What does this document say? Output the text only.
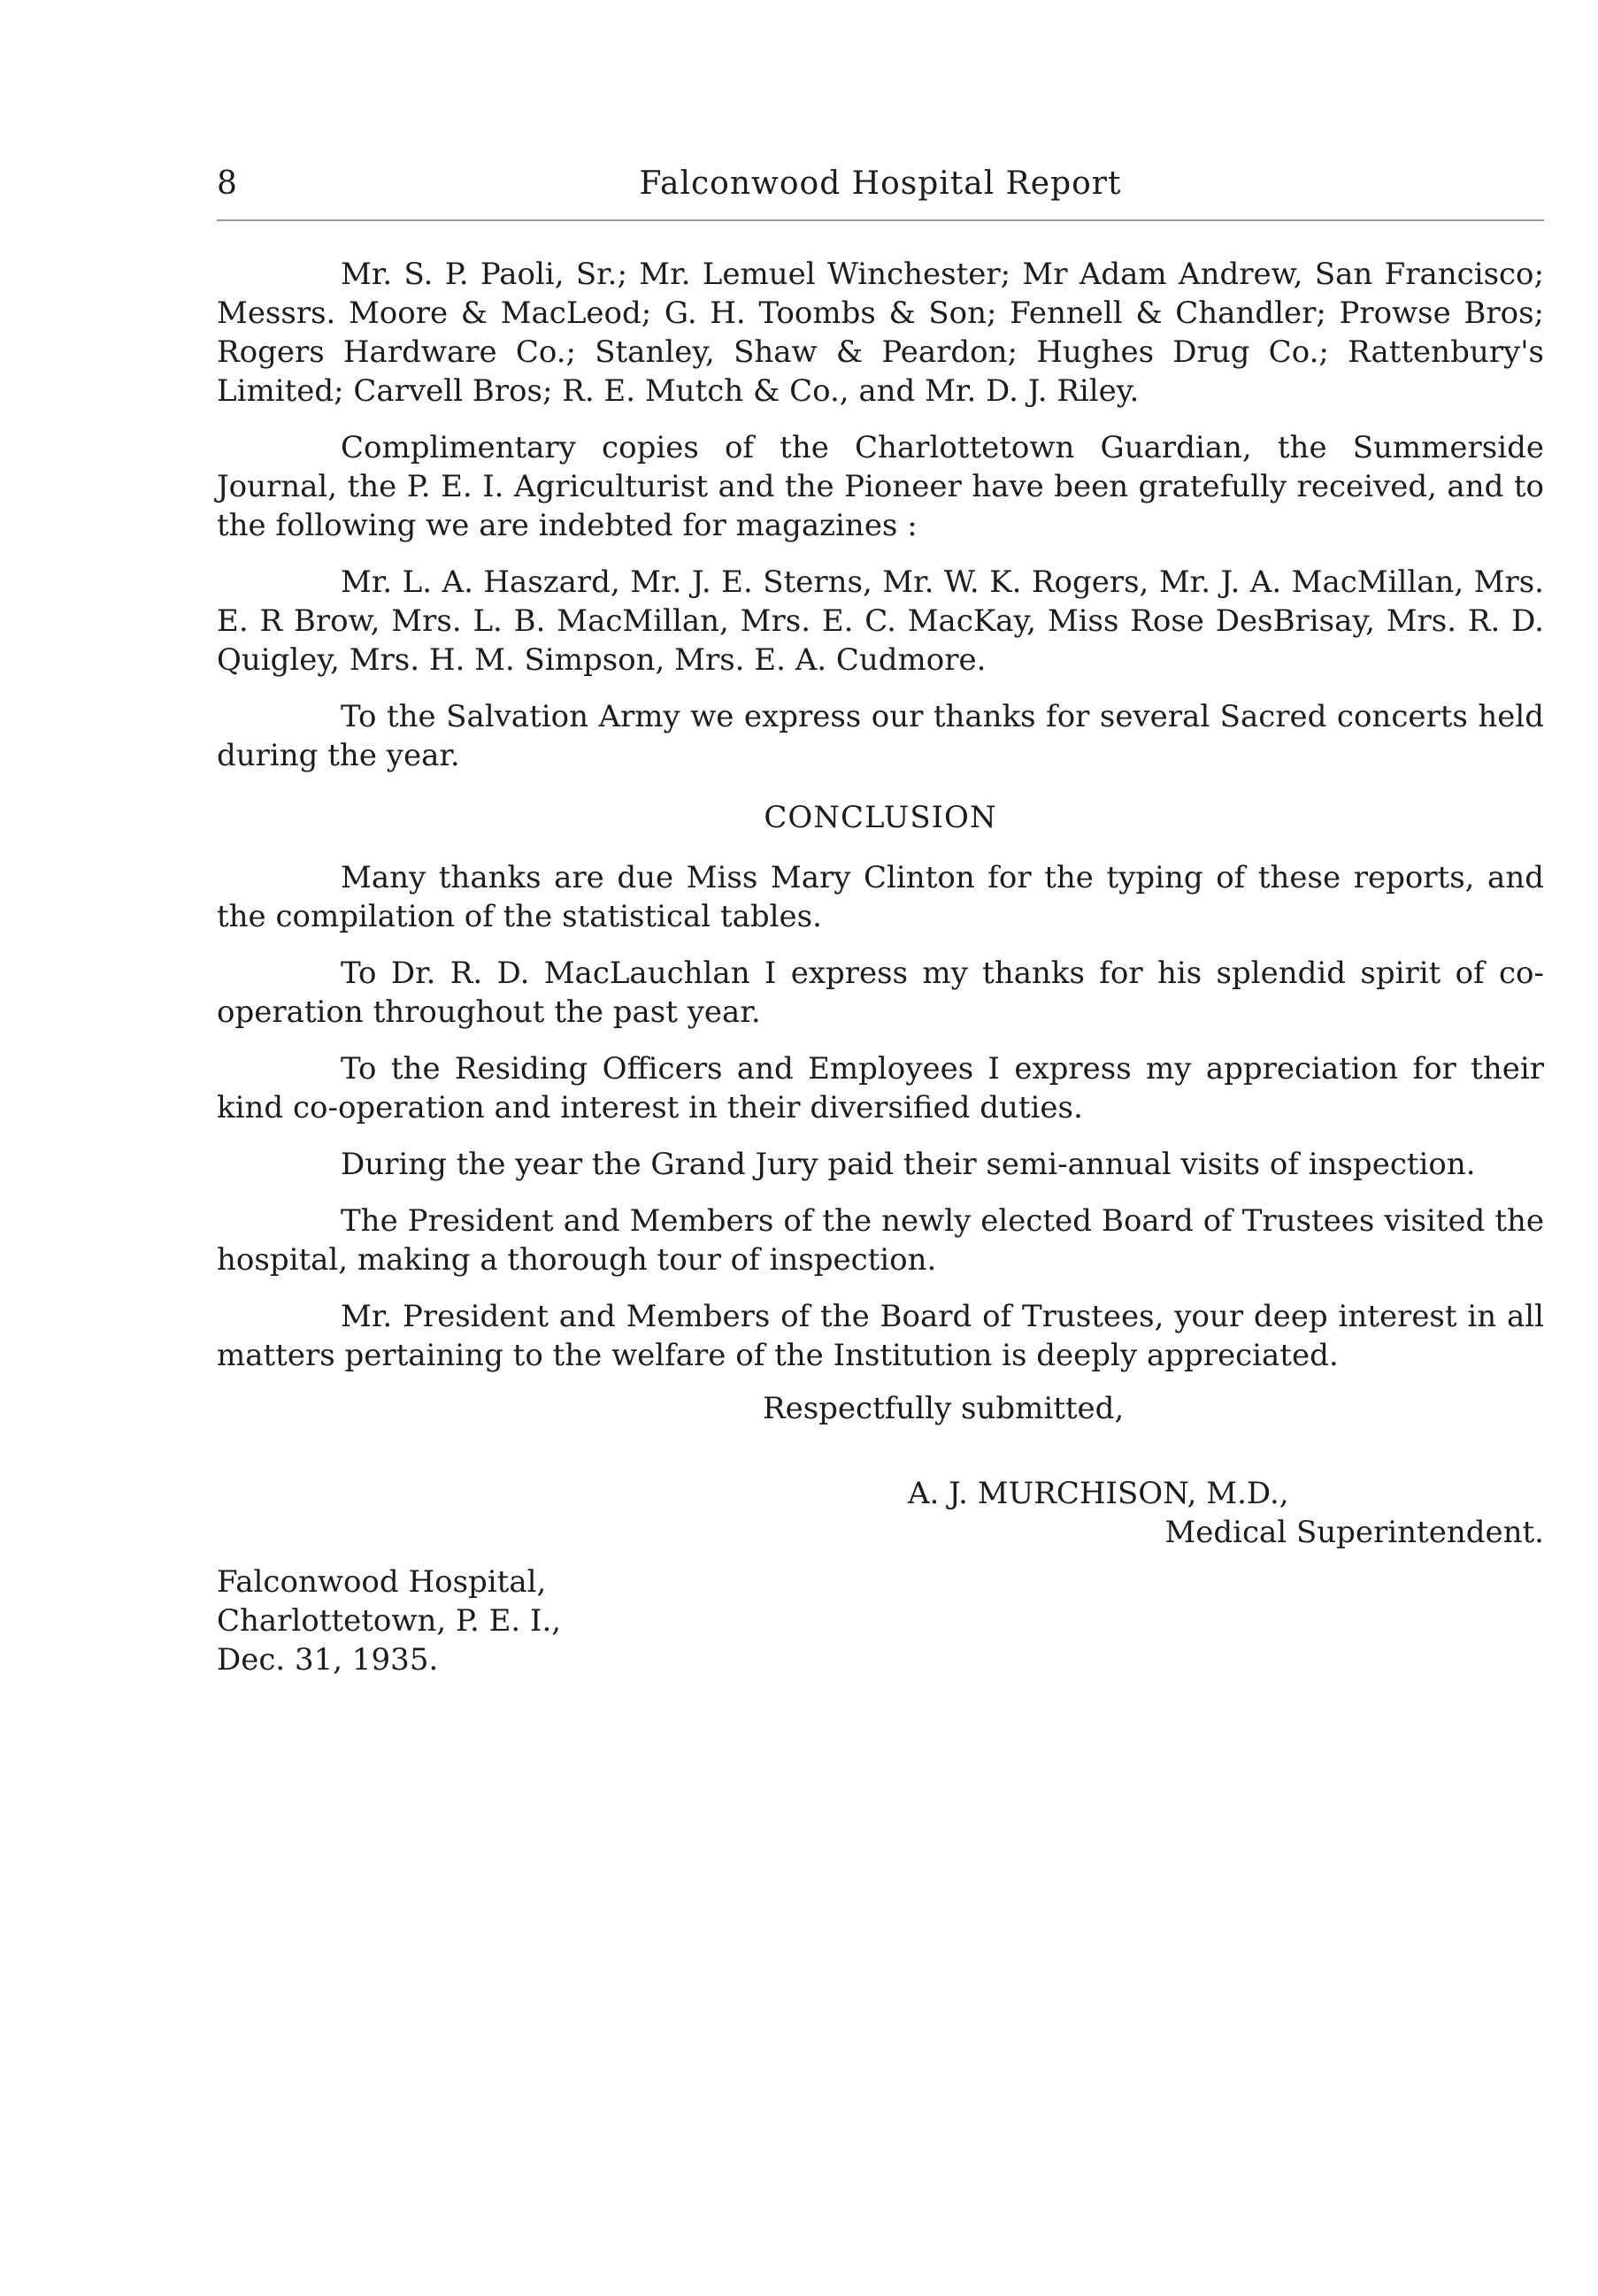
8	Falconwood Hospital Report

Mr. S. P. Paoli, Sr.; Mr. Lemuel Winchester; Mr Adam Andrew, San Francisco; Messrs. Moore & MacLeod; G. H. Toombs & Son; Fennell & Chandler; Prowse Bros; Rogers Hardware Co.; Stanley, Shaw & Peardon; Hughes Drug Co.; Rattenbury's Limited; Carvell Bros; R. E. Mutch & Co., and Mr. D. J. Riley.

Complimentary copies of the Charlottetown Guardian, the Summerside Journal, the P. E. I. Agriculturist and the Pioneer have been gratefully received, and to the following we are indebted for magazines :

Mr. L. A. Haszard, Mr. J. E. Sterns, Mr. W. K. Rogers, Mr. J. A. MacMillan, Mrs. E. R Brow, Mrs. L. B. MacMillan, Mrs. E. C. MacKay, Miss Rose DesBrisay, Mrs. R. D. Quigley, Mrs. H. M. Simpson, Mrs. E. A. Cudmore.

To the Salvation Army we express our thanks for several Sacred concerts held during the year.

CONCLUSION

Many thanks are due Miss Mary Clinton for the typing of these reports, and the compilation of the statistical tables.

To Dr. R. D. MacLauchlan I express my thanks for his splendid spirit of co-operation throughout the past year.

To the Residing Officers and Employees I express my appreciation for their kind co-operation and interest in their diversified duties.

During the year the Grand Jury paid their semi-annual visits of inspection.

The President and Members of the newly elected Board of Trustees visited the hospital, making a thorough tour of inspection.

Mr. President and Members of the Board of Trustees, your deep interest in all matters pertaining to the welfare of the Institution is deeply appreciated.

Respectfully submitted,
A. J. MURCHISON, M.D.,
Medical Superintendent.
Falconwood Hospital,
Charlottetown, P. E. I.,
Dec. 31, 1935.
